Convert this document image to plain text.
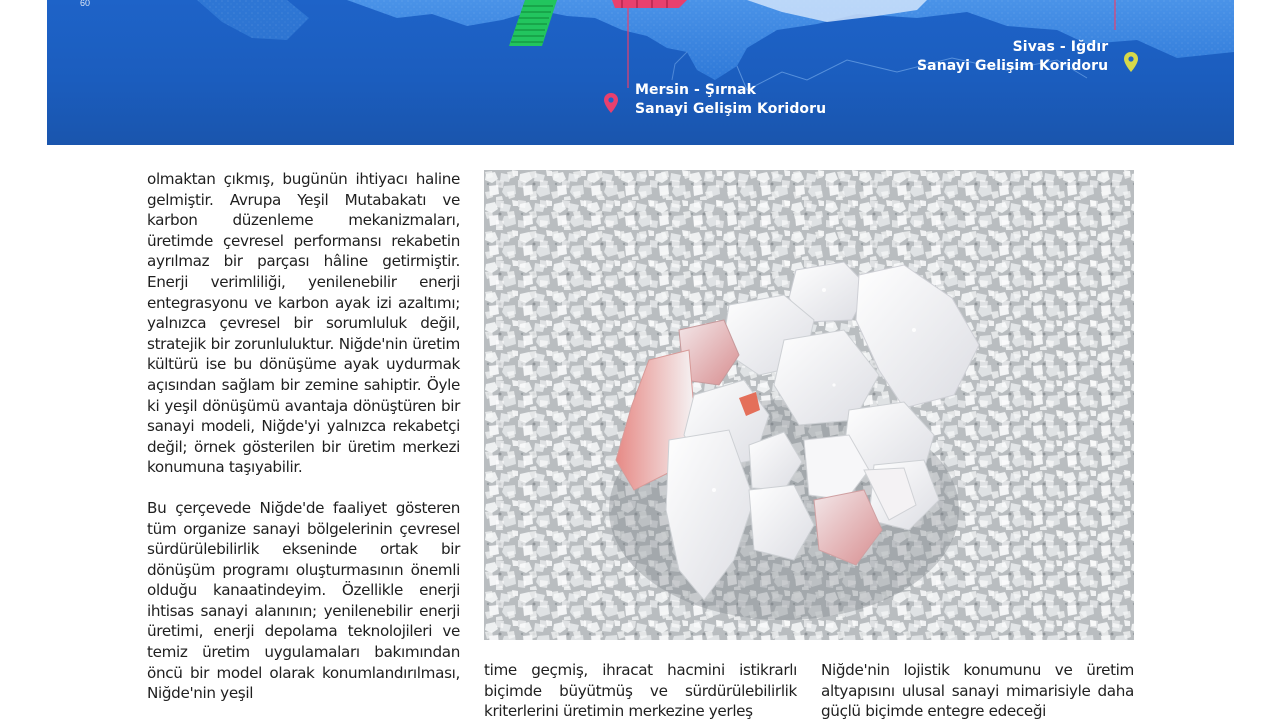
60
Mersin - Şırnak
Sanayi Gelişim Koridoru
Sivas - Iğdır
Sanayi Gelişim Koridoru

olmaktan çıkmış, bugünün ihtiyacı haline gelmiştir. Avrupa Yeşil Mutabakatı ve karbon düzenleme mekanizmaları, üretimde çevresel performansı rekabetin ayrılmaz bir parçası hâline getirmiştir. Enerji verimliliği, yenilenebilir enerji entegrasyonu ve karbon ayak izi azaltımı; yalnızca çevresel bir sorumluluk değil, stratejik bir zorunluluktur. Niğde'nin üretim kültürü ise bu dönüşüme ayak uydurmak açısından sağlam bir zemine sahiptir. Öyle ki yeşil dönüşümü avantaja dönüştüren bir sanayi modeli, Niğde'yi yalnızca rekabetçi değil; örnek gösterilen bir üretim merkezi konumuna taşıyabilir.

Bu çerçevede Niğde'de faaliyet gösteren tüm organize sanayi bölgelerinin çevresel sürdürülebilirlik ekseninde ortak bir dönüşüm programı oluşturmasının önemli olduğu kanaatindeyim. Özellikle enerji ihtisas sanayi alanının; yenilenebilir enerji üretimi, enerji depolama teknolojileri ve temiz üretim uygulamaları bakımından öncü bir model olarak konumlandırılması, Niğde'nin yeşil

time geçmiş, ihracat hacmini istikrarlı biçimde büyütmüş ve sürdürülebilirlik kriterlerini üretimin merkezine yerleş

Niğde'nin lojistik konumunu ve üretim altyapısını ulusal sanayi mimarisiyle daha güçlü biçimde entegre edeceği
